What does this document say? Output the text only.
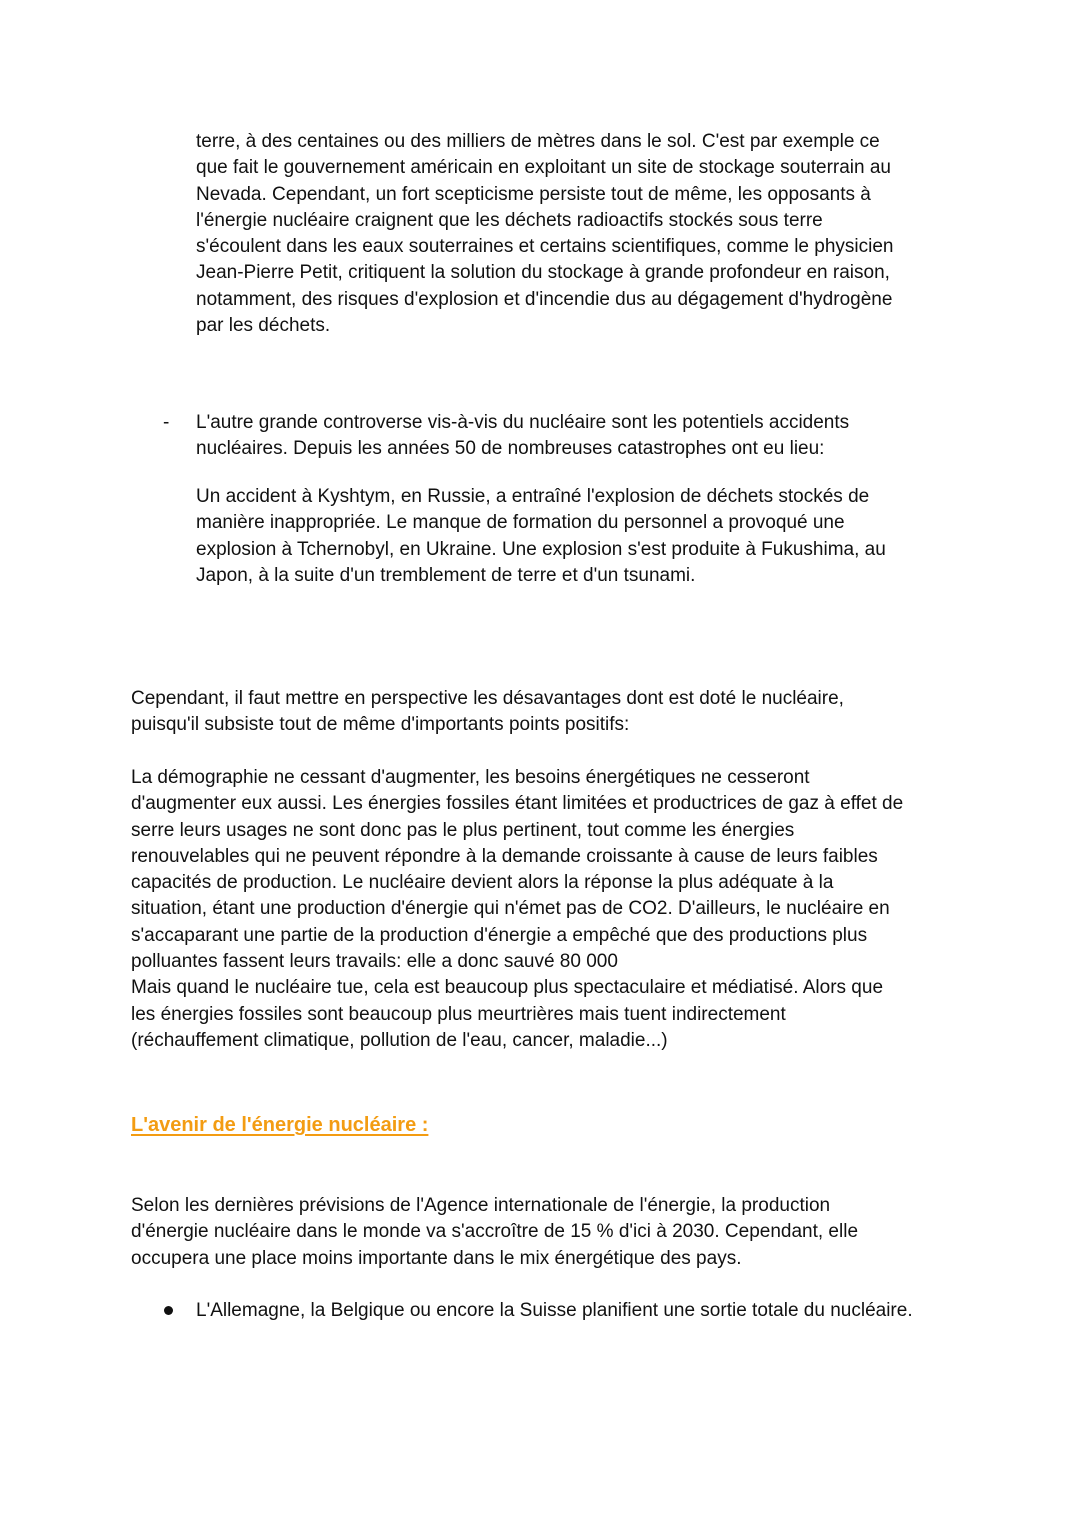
terre, à des centaines ou des milliers de mètres dans le sol. C'est par exemple ce
que fait le gouvernement américain en exploitant un site de stockage souterrain au
Nevada. Cependant, un fort scepticisme persiste tout de même, les opposants à
l'énergie nucléaire craignent que les déchets radioactifs stockés sous terre
s'écoulent dans les eaux souterraines et certains scientifiques, comme le physicien
Jean-Pierre Petit, critiquent la solution du stockage à grande profondeur en raison,
notamment, des risques d'explosion et d'incendie dus au dégagement d'hydrogène
par les déchets.

- L'autre grande controverse vis-à-vis du nucléaire sont les potentiels accidents
nucléaires. Depuis les années 50 de nombreuses catastrophes ont eu lieu:

Un accident à Kyshtym, en Russie, a entraîné l'explosion de déchets stockés de
manière inappropriée. Le manque de formation du personnel a provoqué une
explosion à Tchernobyl, en Ukraine. Une explosion s'est produite à Fukushima, au
Japon, à la suite d'un tremblement de terre et d'un tsunami.

Cependant, il faut mettre en perspective les désavantages dont est doté le nucléaire,
puisqu'il subsiste tout de même d'importants points positifs:

La démographie ne cessant d'augmenter, les besoins énergétiques ne cesseront
d'augmenter eux aussi. Les énergies fossiles étant limitées et productrices de gaz à effet de
serre leurs usages ne sont donc pas le plus pertinent, tout comme les énergies
renouvelables qui ne peuvent répondre à la demande croissante à cause de leurs faibles
capacités de production. Le nucléaire devient alors la réponse la plus adéquate à la
situation, étant une production d'énergie qui n'émet pas de CO2. D'ailleurs, le nucléaire en
s'accaparant une partie de la production d'énergie a empêché que des productions plus
polluantes fassent leurs travails: elle a donc sauvé 80 000
Mais quand le nucléaire tue, cela est beaucoup plus spectaculaire et médiatisé. Alors que
les énergies fossiles sont beaucoup plus meurtrières mais tuent indirectement
(réchauffement climatique, pollution de l'eau, cancer, maladie...)

L'avenir de l'énergie nucléaire :

Selon les dernières prévisions de l'Agence internationale de l'énergie, la production
d'énergie nucléaire dans le monde va s'accroître de 15 % d'ici à 2030. Cependant, elle
occupera une place moins importante dans le mix énergétique des pays.

L'Allemagne, la Belgique ou encore la Suisse planifient une sortie totale du nucléaire.
